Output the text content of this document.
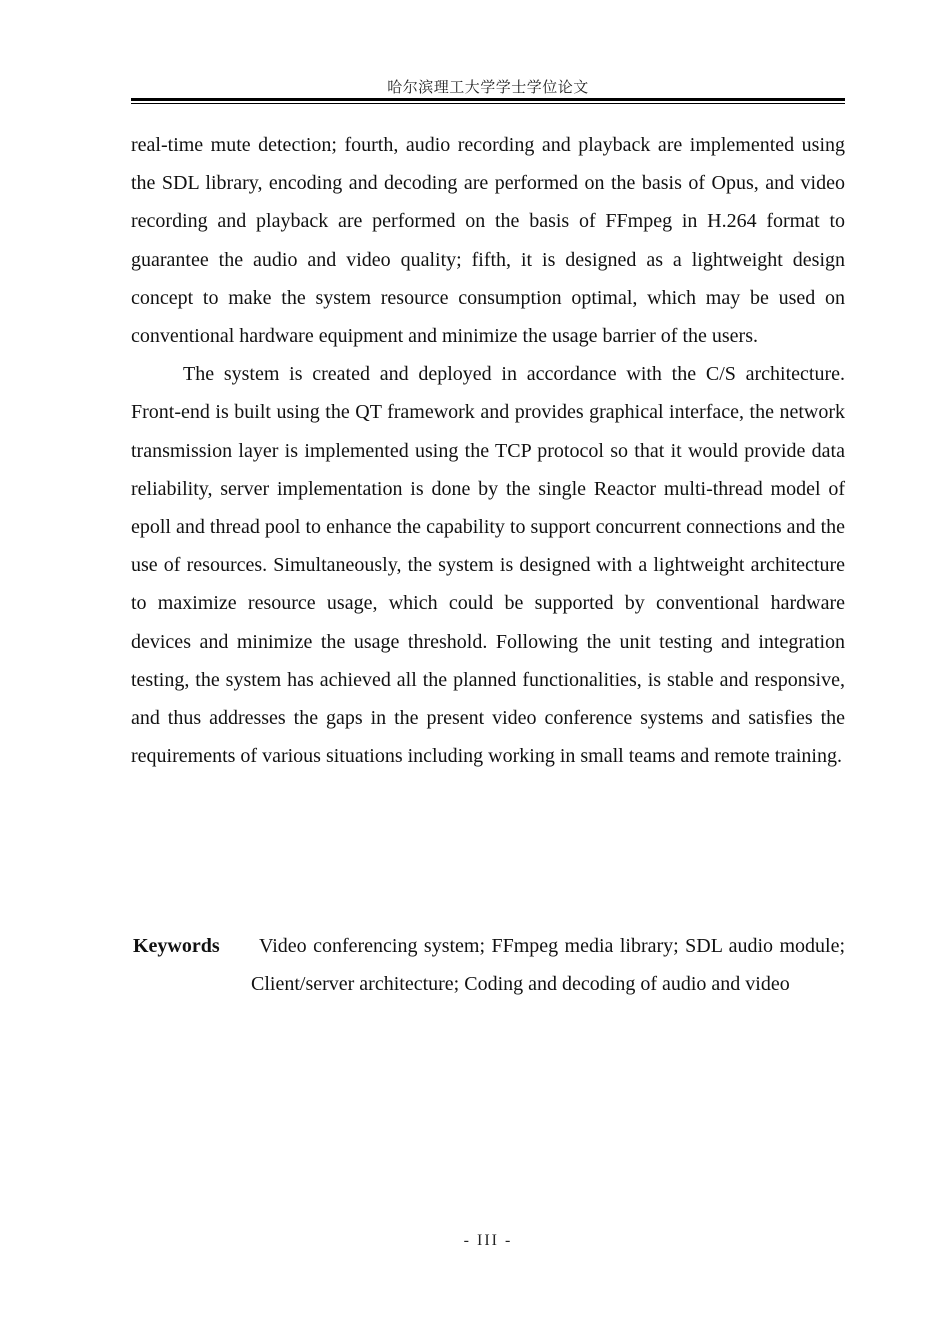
哈尔滨理工大学学士学位论文

real-time mute detection; fourth, audio recording and playback are implemented using the SDL library, encoding and decoding are performed on the basis of Opus, and video recording and playback are performed on the basis of FFmpeg in H.264 format to guarantee the audio and video quality; fifth, it is designed as a lightweight design concept to make the system resource consumption optimal, which may be used on conventional hardware equipment and minimize the usage barrier of the users.

The system is created and deployed in accordance with the C/S architecture. Front-end is built using the QT framework and provides graphical interface, the network transmission layer is implemented using the TCP protocol so that it would provide data reliability, server implementation is done by the single Reactor multi-thread model of epoll and thread pool to enhance the capability to support concurrent connections and the use of resources. Simultaneously, the system is designed with a lightweight architecture to maximize resource usage, which could be supported by conventional hardware devices and minimize the usage threshold. Following the unit testing and integration testing, the system has achieved all the planned functionalities, is stable and responsive, and thus addresses the gaps in the present video conference systems and satisfies the requirements of various situations including working in small teams and remote training.

Keywords	Video conferencing system; FFmpeg media library; SDL audio module; Client/server architecture; Coding and decoding of audio and video
- III -
